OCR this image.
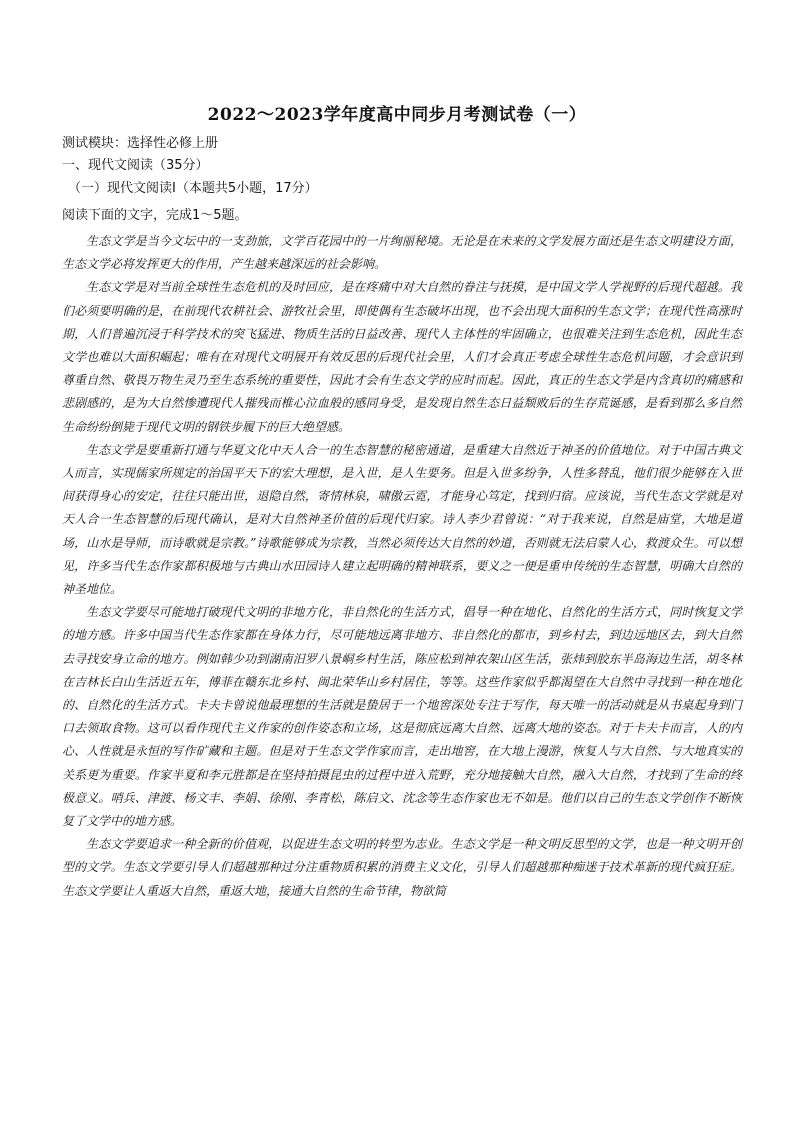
2022～2023学年度高中同步月考测试卷（一）
测试模块：选择性必修上册
一、现代文阅读（35分）
（一）现代文阅读Ⅰ（本题共5小题，17分）
阅读下面的文字，完成1～5题。

生态文学是当今文坛中的一支劲旅，文学百花园中的一片绚丽秘境。无论是在未来的文学发展方面还是生态文明建设方面，生态文学必将发挥更大的作用，产生越来越深远的社会影响。

生态文学是对当前全球性生态危机的及时回应，是在疼痛中对大自然的眷注与抚摸，是中国文学人学视野的后现代超越。我们必须要明确的是，在前现代农耕社会、游牧社会里，即使偶有生态破坏出现，也不会出现大面积的生态文学；在现代性高涨时期，人们普遍沉浸于科学技术的突飞猛进、物质生活的日益改善、现代人主体性的牢固确立，也很难关注到生态危机，因此生态文学也难以大面积崛起；唯有在对现代文明展开有效反思的后现代社会里，人们才会真正考虑全球性生态危机问题，才会意识到尊重自然、敬畏万物生灵乃至生态系统的重要性，因此才会有生态文学的应时而起。因此，真正的生态文学是内含真切的痛感和悲剧感的，是为大自然惨遭现代人摧残而椎心泣血般的感同身受，是发现自然生态日益颓败后的生存荒诞感，是看到那么多自然生命纷纷倒毙于现代文明的钢铁步履下的巨大绝望感。

生态文学是要重新打通与华夏文化中天人合一的生态智慧的秘密通道，是重建大自然近于神圣的价值地位。对于中国古典文人而言，实现儒家所规定的治国平天下的宏大理想，是入世，是人生要务。但是入世多纷争，人性多替乱，他们很少能够在入世间获得身心的安定，往往只能出世，退隐自然，寄情林泉，啸傲云霓，才能身心笃定，找到归宿。应该说，当代生态文学就是对天人合一生态智慧的后现代确认，是对大自然神圣价值的后现代归家。诗人李少君曾说：“对于我来说，自然是庙堂，大地是道场，山水是导师，而诗歌就是宗教。”诗歌能够成为宗教，当然必须传达大自然的妙道，否则就无法启蒙人心，救渡众生。可以想见，许多当代生态作家都积极地与古典山水田园诗人建立起明确的精神联系，要义之一便是重申传统的生态智慧，明确大自然的神圣地位。

生态文学要尽可能地打破现代文明的非地方化，非自然化的生活方式，倡导一种在地化、自然化的生活方式，同时恢复文学的地方感。许多中国当代生态作家都在身体力行，尽可能地远离非地方、非自然化的都市，到乡村去，到边远地区去，到大自然去寻找安身立命的地方。例如韩少功到湖南汨罗八景峒乡村生活，陈应松到神农架山区生活，张炜到胶东半岛海边生活，胡冬林在吉林长白山生活近五年，傅菲在赣东北乡村、闽北荣华山乡村居住，等等。这些作家似乎都渴望在大自然中寻找到一种在地化的、自然化的生活方式。卡夫卡曾说他最理想的生活就是蛰居于一个地窖深处专注于写作，每天唯一的活动就是从书桌起身到门口去领取食物。这可以看作现代主义作家的创作姿态和立场，这是彻底远离大自然、远离大地的姿态。对于卡夫卡而言，人的内心、人性就是永恒的写作矿藏和主题。但是对于生态文学作家而言，走出地窖，在大地上漫游，恢复人与大自然、与大地真实的关系更为重要。作家半夏和李元胜都是在坚持拍摄昆虫的过程中进入荒野，充分地接触大自然，融入大自然，才找到了生命的终极意义。哨兵、津渡、杨文丰、李娟、徐刚、李青松，陈启文、沈念等生态作家也无不如是。他们以自己的生态文学创作不断恢复了文学中的地方感。

生态文学要追求一种全新的价值观，以促进生态文明的转型为志业。生态文学是一种文明反思型的文学，也是一种文明开创型的文学。生态文学要引导人们超越那种过分注重物质积累的消费主义文化，引导人们超越那种痴迷于技术革新的现代疯狂症。生态文学要让人重返大自然，重返大地，接通大自然的生命节律，物欲简
